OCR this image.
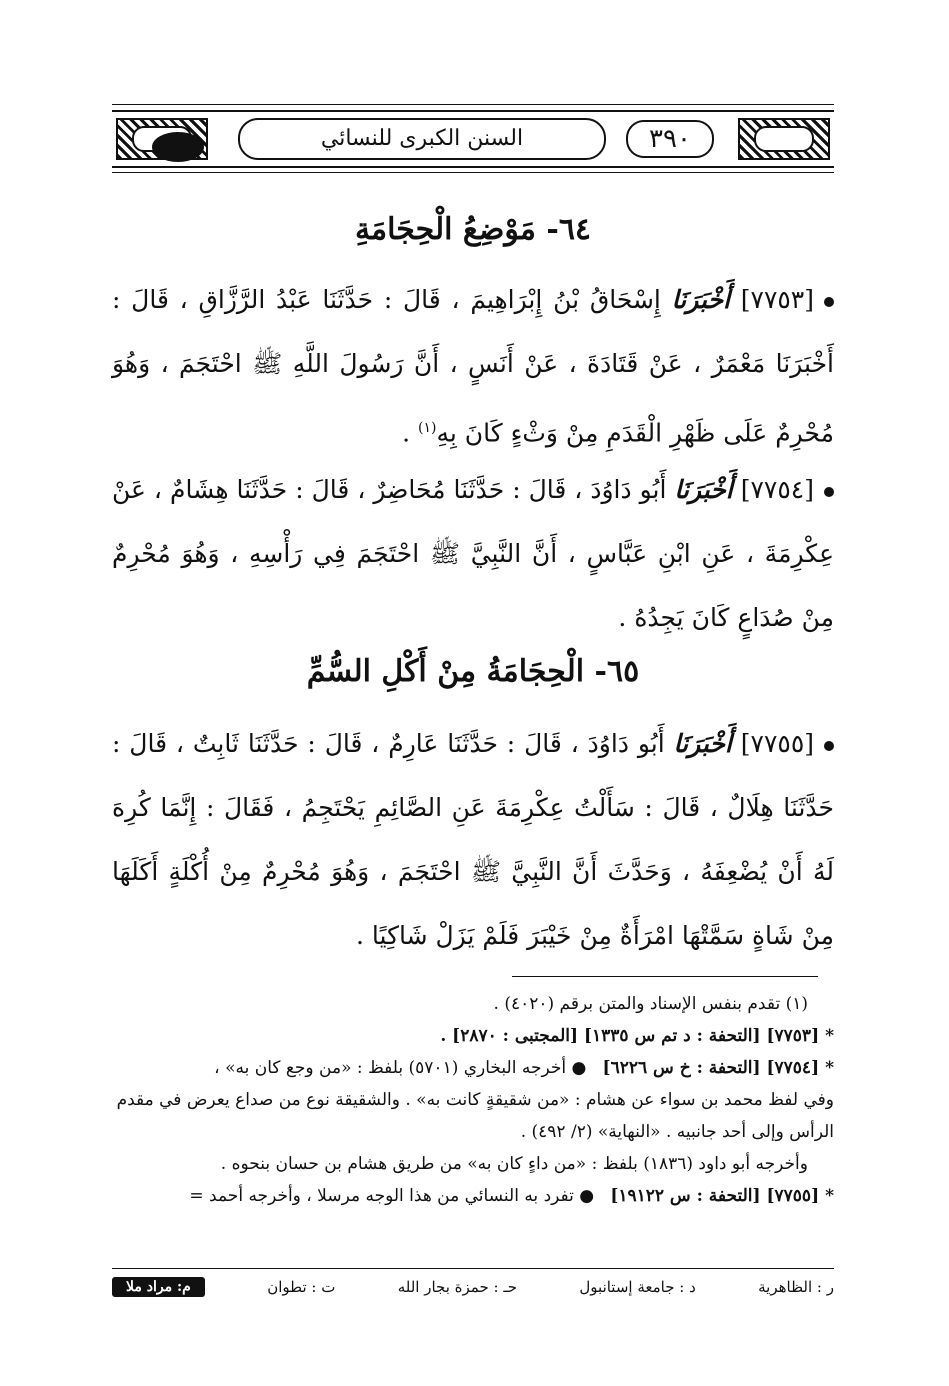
السنن الكبرى للنسائي	٣٩٠
٦٤- مَوْضِعُ الْحِجَامَةِ
[٧٧٥٣] أَخْبَرَنَا إِسْحَاقُ بْنُ إِبْرَاهِيمَ ، قَالَ : حَدَّثَنَا عَبْدُ الرَّزَّاقِ ، قَالَ : أَخْبَرَنَا مَعْمَرٌ ، عَنْ قَتَادَةَ ، عَنْ أَنَسٍ ، أَنَّ رَسُولَ اللَّهِ ﷺ احْتَجَمَ ، وَهُوَ مُحْرِمٌ عَلَى ظَهْرِ الْقَدَمِ مِنْ وَثْءٍ كَانَ بِهِ$^{(١)}$ .
[٧٧٥٤] أَخْبَرَنَا أَبُو دَاوُدَ ، قَالَ : حَدَّثَنَا مُحَاضِرٌ ، قَالَ : حَدَّثَنَا هِشَامٌ ، عَنْ عِكْرِمَةَ ، عَنِ ابْنِ عَبَّاسٍ ، أَنَّ النَّبِيَّ ﷺ احْتَجَمَ فِي رَأْسِهِ ، وَهُوَ مُحْرِمٌ مِنْ صُدَاعٍ كَانَ يَجِدُهُ .
٦٥- الْحِجَامَةُ مِنْ أَكْلِ السُّمِّ
[٧٧٥٥] أَخْبَرَنَا أَبُو دَاوُدَ ، قَالَ : حَدَّثَنَا عَارِمٌ ، قَالَ : حَدَّثَنَا ثَابِتٌ ، قَالَ : حَدَّثَنَا هِلَالٌ ، قَالَ : سَأَلْتُ عِكْرِمَةَ عَنِ الصَّائِمِ يَحْتَجِمُ ، فَقَالَ : إِنَّمَا كُرِهَ لَهُ أَنْ يُضْعِفَهُ ، وَحَدَّثَ أَنَّ النَّبِيَّ ﷺ احْتَجَمَ ، وَهُوَ مُحْرِمٌ مِنْ أُكْلَةٍ أَكَلَهَا مِنْ شَاةٍ سَمَّتْهَا امْرَأَةٌ مِنْ خَيْبَرَ فَلَمْ يَزَلْ شَاكِيًا .

(١) تقدم بنفس الإسناد والمتن برقم (٤٠٢٠) .

*[٧٧٥٣] [التحفة : د تم س ١٣٣٥] [المجتبى : ٢٨٧٠] .

*[٧٧٥٤] [التحفة : خ س ٦٢٢٦]   ● أخرجه البخاري (٥٧٠١) بلفظ : «من وجع كان به» ،

وفي لفظ محمد بن سواء عن هشام : «من شقيقةٍ كانت به» . والشقيقة نوع من صداع يعرض في مقدم الرأس وإلى أحد جانبيه . «النهاية» (٢/ ٤٩٢) .

وأخرجه أبو داود (١٨٣٦) بلفظ : «من داءٍ كان به» من طريق هشام بن حسان بنحوه .

*[٧٧٥٥] [التحفة : س ١٩١٢٢]   ● تفرد به النسائي من هذا الوجه مرسلا ، وأخرجه أحمد =

م: مراد ملا	ت : تطوان	حـ : حمزة بجار الله	د : جامعة إستانبول	ر : الظاهرية
